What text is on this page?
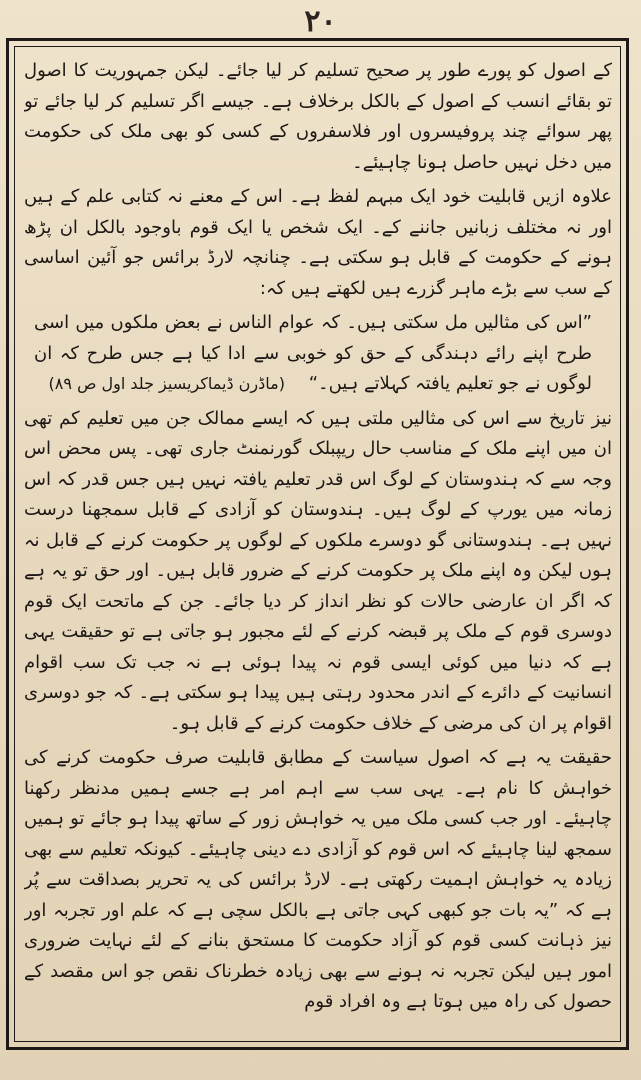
٢٠

کے اصول کو پورے طور پر صحیح تسلیم کر لیا جائے۔ لیکن جمہوریت کا اصول تو بقائے انسب کے اصول کے بالکل برخلاف ہے۔ جیسے اگر تسلیم کر لیا جائے تو پھر سوائے چند پروفیسروں اور فلاسفروں کے کسی کو بھی ملک کی حکومت میں دخل نہیں حاصل ہونا چاہیئے۔

علاوہ ازیں قابلیت خود ایک مبہم لفظ ہے۔ اس کے معنے نہ کتابی علم کے ہیں اور نہ مختلف زبانیں جاننے کے۔ ایک شخص یا ایک قوم باوجود بالکل ان پڑھ ہونے کے حکومت کے قابل ہو سکتی ہے۔ چنانچہ لارڈ برائس جو آئین اساسی کے سب سے بڑے ماہر گزرے ہیں لکھتے ہیں کہ:

”اس کی مثالیں مل سکتی ہیں۔ کہ عوام الناس نے بعض ملکوں میں اسی طرح اپنے رائے دہندگی کے حق کو خوبی سے ادا کیا ہے جس طرح کہ ان لوگوں نے جو تعلیم یافتہ کہلاتے ہیں۔“ (ماڈرن ڈیماکریسیز جلد اول ص ۸۹)

نیز تاریخ سے اس کی مثالیں ملتی ہیں کہ ایسے ممالک جن میں تعلیم کم تھی ان میں اپنے ملک کے مناسب حال ریپبلک گورنمنٹ جاری تھی۔ پس محض اس وجہ سے کہ ہندوستان کے لوگ اس قدر تعلیم یافتہ نہیں ہیں جس قدر کہ اس زمانہ میں یورپ کے لوگ ہیں۔ ہندوستان کو آزادی کے قابل سمجھنا درست نہیں ہے۔ ہندوستانی گو دوسرے ملکوں کے لوگوں پر حکومت کرنے کے قابل نہ ہوں لیکن وہ اپنے ملک پر حکومت کرنے کے ضرور قابل ہیں۔ اور حق تو یہ ہے کہ اگر ان عارضی حالات کو نظر انداز کر دیا جائے۔ جن کے ماتحت ایک قوم دوسری قوم کے ملک پر قبضہ کرنے کے لئے مجبور ہو جاتی ہے تو حقیقت یہی ہے کہ دنیا میں کوئی ایسی قوم نہ پیدا ہوئی ہے نہ جب تک سب اقوام انسانیت کے دائرے کے اندر محدود رہتی ہیں پیدا ہو سکتی ہے۔ کہ جو دوسری اقوام پر ان کی مرضی کے خلاف حکومت کرنے کے قابل ہو۔

حقیقت یہ ہے کہ اصول سیاست کے مطابق قابلیت صرف حکومت کرنے کی خواہش کا نام ہے۔ یہی سب سے اہم امر ہے جسے ہمیں مدنظر رکھنا چاہیئے۔ اور جب کسی ملک میں یہ خواہش زور کے ساتھ پیدا ہو جائے تو ہمیں سمجھ لینا چاہیئے کہ اس قوم کو آزادی دے دینی چاہیئے۔ کیونکہ تعلیم سے بھی زیادہ یہ خواہش اہمیت رکھتی ہے۔ لارڈ برائس کی یہ تحریر بصداقت سے پُر ہے کہ ”یہ بات جو کبھی کہی جاتی ہے بالکل سچی ہے کہ علم اور تجربہ اور نیز ذہانت کسی قوم کو آزاد حکومت کا مستحق بنانے کے لئے نہایت ضروری امور ہیں لیکن تجربہ نہ ہونے سے بھی زیادہ خطرناک نقص جو اس مقصد کے حصول کی راہ میں ہوتا ہے وہ افراد قوم
